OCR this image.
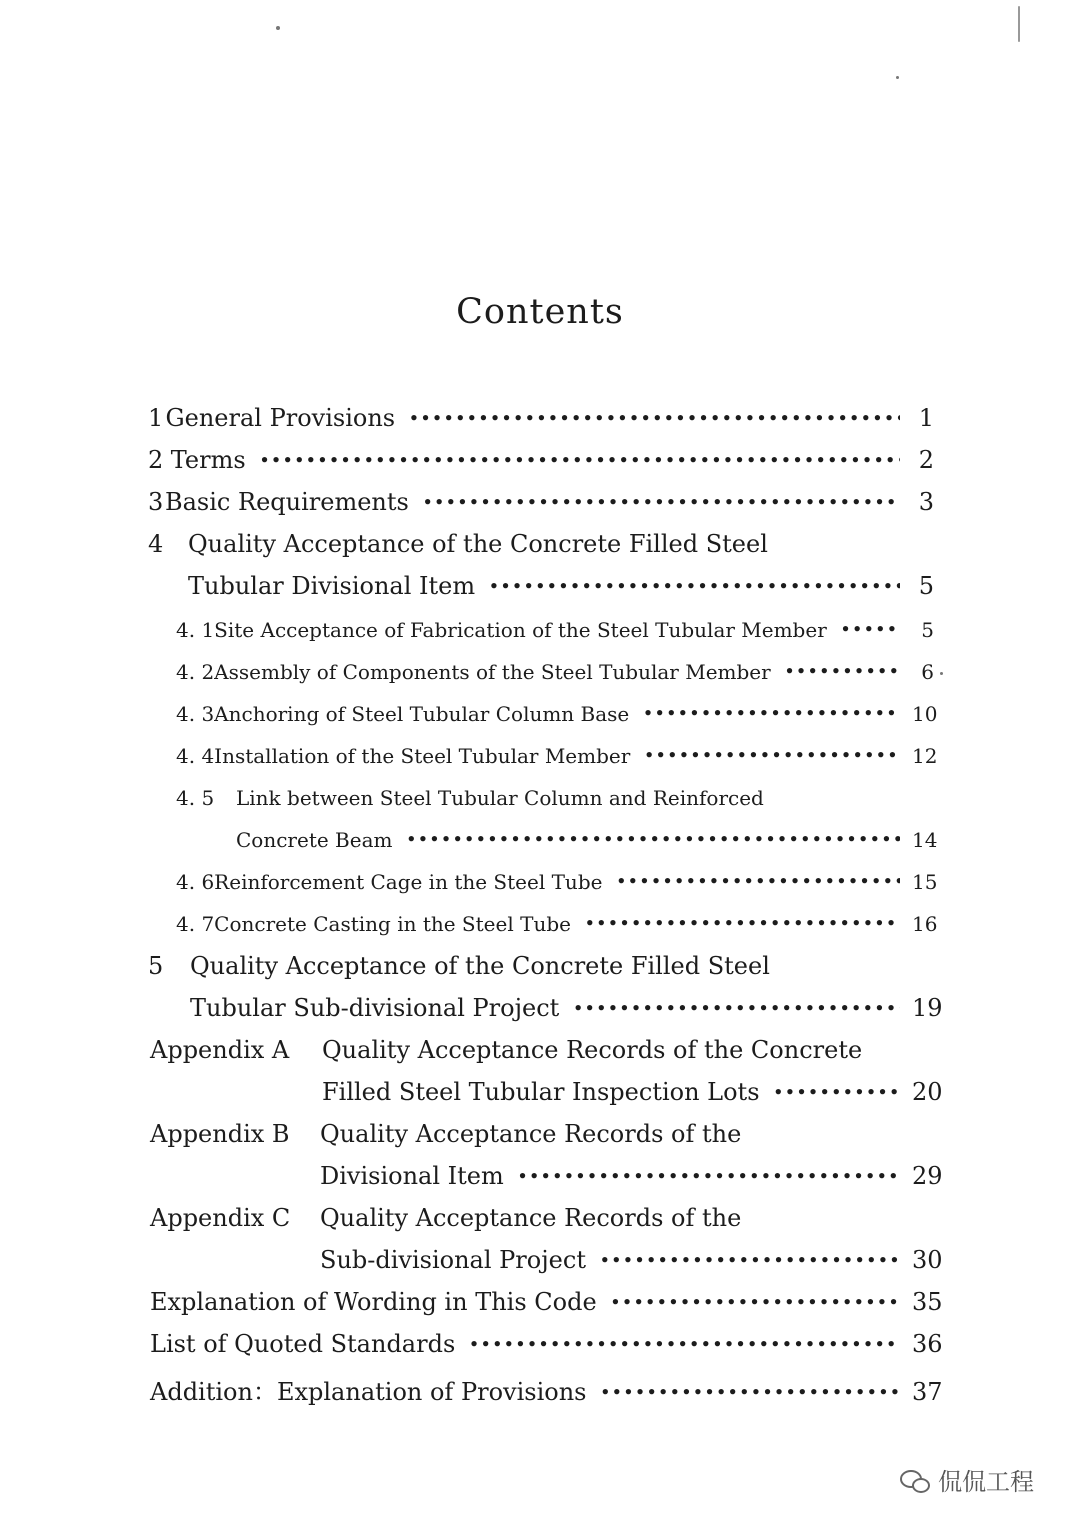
Contents
1 General Provisions •••••	1
2 Terms •••••	2
3 Basic Requirements •••••	3
4	Quality Acceptance of the Concrete Filled Steel
Tubular Divisional Item •••••	5
4. 1 Site Acceptance of Fabrication of the Steel Tubular Member •••••	5
4. 2 Assembly of Components of the Steel Tubular Member •••••	6
4. 3 Anchoring of Steel Tubular Column Base •••••	10
4. 4 Installation of the Steel Tubular Member •••••	12
4. 5	Link between Steel Tubular Column and Reinforced
Concrete Beam •••••	14
4. 6 Reinforcement Cage in the Steel Tube •••••	15
4. 7 Concrete Casting in the Steel Tube •••••	16
5	Quality Acceptance of the Concrete Filled Steel
Tubular Sub-divisional Project •••••	19
Appendix A	Quality Acceptance Records of the Concrete
Filled Steel Tubular Inspection Lots •••••	20
Appendix B	Quality Acceptance Records of the
Divisional Item •••••	29
Appendix C	Quality Acceptance Records of the
Sub-divisional Project •••••	30
Explanation of Wording in This Code •••••	35
List of Quoted Standards •••••	36
Addition：Explanation of Provisions •••••	37
侃侃工程
